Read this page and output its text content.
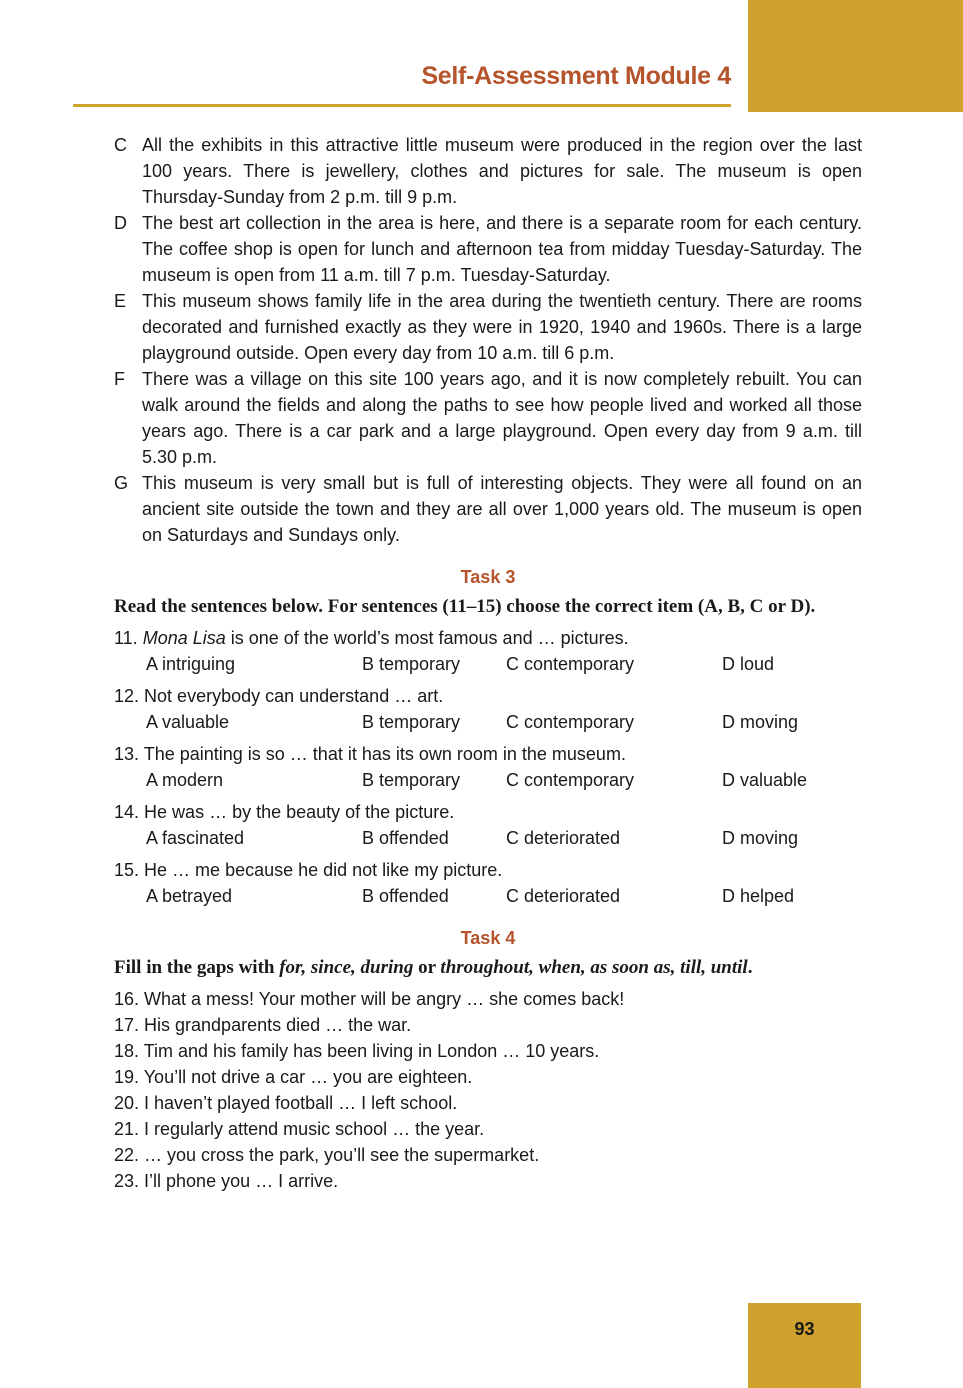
Self-Assessment Module 4
C All the exhibits in this attractive little museum were produced in the region over the last 100 years. There is jewellery, clothes and pictures for sale. The museum is open Thursday-Sunday from 2 p.m. till 9 p.m.
D The best art collection in the area is here, and there is a separate room for each century. The coffee shop is open for lunch and afternoon tea from midday Tuesday-Saturday. The museum is open from 11 a.m. till 7 p.m. Tuesday-Saturday.
E This museum shows family life in the area during the twentieth century. There are rooms decorated and furnished exactly as they were in 1920, 1940 and 1960s. There is a large playground outside. Open every day from 10 a.m. till 6 p.m.
F There was a village on this site 100 years ago, and it is now completely rebuilt. You can walk around the fields and along the paths to see how people lived and worked all those years ago. There is a car park and a large playground. Open every day from 9 a.m. till 5.30 p.m.
G This museum is very small but is full of interesting objects. They were all found on an ancient site outside the town and they are all over 1,000 years old. The museum is open on Saturdays and Sundays only.
Task 3
Read the sentences below. For sentences (11–15) choose the correct item (A, B, C or D).
11. Mona Lisa is one of the world’s most famous and … pictures.
A intriguing	B temporary	C contemporary	D loud
12. Not everybody can understand … art.
A valuable	B temporary	C contemporary	D moving
13. The painting is so … that it has its own room in the museum.
A modern	B temporary	C contemporary	D valuable
14. He was … by the beauty of the picture.
A fascinated	B offended	C deteriorated	D moving
15. He … me because he did not like my picture.
A betrayed	B offended	C deteriorated	D helped
Task 4
Fill in the gaps with for, since, during or throughout, when, as soon as, till, until.
16. What a mess! Your mother will be angry … she comes back!
17. His grandparents died … the war.
18. Tim and his family has been living in London … 10 years.
19. You’ll not drive a car … you are eighteen.
20. I haven’t played football … I left school.
21. I regularly attend music school … the year.
22. … you cross the park, you’ll see the supermarket.
23. I’ll phone you … I arrive.
93
